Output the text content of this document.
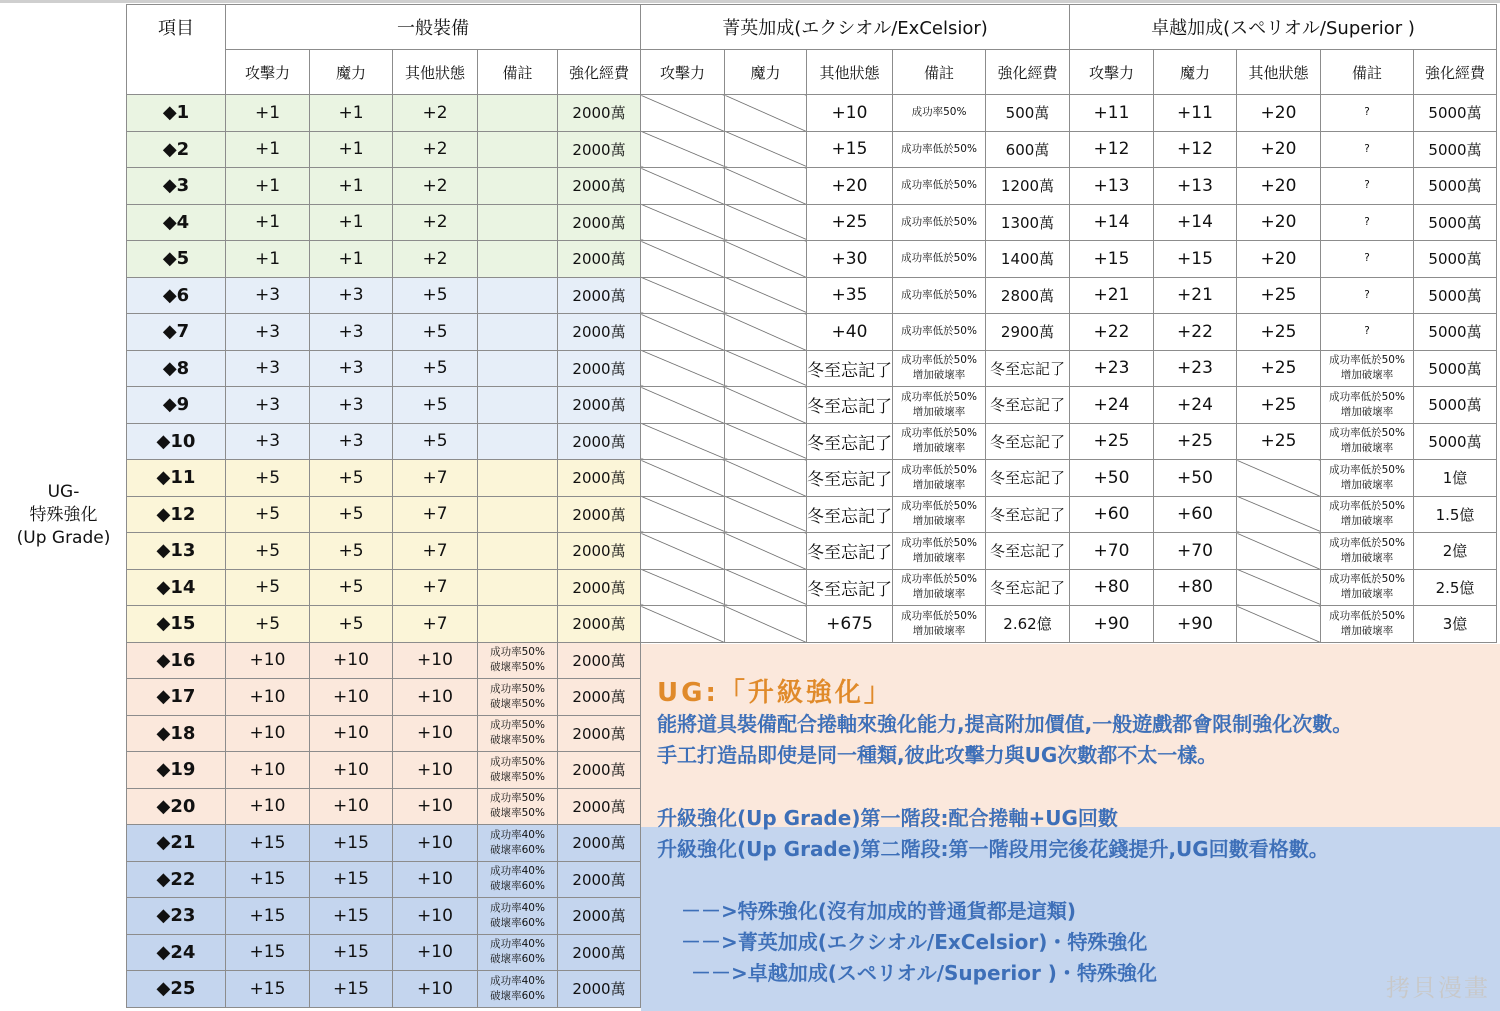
UG-
特殊強化
(Up Grade)
項目	一般裝備					菁英加成(エクシオル/ExCelsior)					卓越加成(スペリオル/Superior )				
	攻擊力	魔力	其他狀態	備註	強化經費	攻擊力	魔力	其他狀態	備註	強化經費	攻擊力	魔力	其他狀態	備註	強化經費
◆1	+1	+1	+2		2000萬			+10	成功率50%	500萬	+11	+11	+20	?	5000萬
◆2	+1	+1	+2		2000萬			+15	成功率低於50%	600萬	+12	+12	+20	?	5000萬
◆3	+1	+1	+2		2000萬			+20	成功率低於50%	1200萬	+13	+13	+20	?	5000萬
◆4	+1	+1	+2		2000萬			+25	成功率低於50%	1300萬	+14	+14	+20	?	5000萬
◆5	+1	+1	+2		2000萬			+30	成功率低於50%	1400萬	+15	+15	+20	?	5000萬
◆6	+3	+3	+5		2000萬			+35	成功率低於50%	2800萬	+21	+21	+25	?	5000萬
◆7	+3	+3	+5		2000萬			+40	成功率低於50%	2900萬	+22	+22	+25	?	5000萬
◆8	+3	+3	+5		2000萬			冬至忘記了	成功率低於50%
增加破壞率	冬至忘記了	+23	+23	+25	成功率低於50%
增加破壞率	5000萬
◆9	+3	+3	+5		2000萬			冬至忘記了	成功率低於50%
增加破壞率	冬至忘記了	+24	+24	+25	成功率低於50%
增加破壞率	5000萬
◆10	+3	+3	+5		2000萬			冬至忘記了	成功率低於50%
增加破壞率	冬至忘記了	+25	+25	+25	成功率低於50%
增加破壞率	5000萬
◆11	+5	+5	+7		2000萬			冬至忘記了	成功率低於50%
增加破壞率	冬至忘記了	+50	+50		成功率低於50%
增加破壞率	1億
◆12	+5	+5	+7		2000萬			冬至忘記了	成功率低於50%
增加破壞率	冬至忘記了	+60	+60		成功率低於50%
增加破壞率	1.5億
◆13	+5	+5	+7		2000萬			冬至忘記了	成功率低於50%
增加破壞率	冬至忘記了	+70	+70		成功率低於50%
增加破壞率	2億
◆14	+5	+5	+7		2000萬			冬至忘記了	成功率低於50%
增加破壞率	冬至忘記了	+80	+80		成功率低於50%
增加破壞率	2.5億
◆15	+5	+5	+7		2000萬			+675	成功率低於50%
增加破壞率	2.62億	+90	+90		成功率低於50%
增加破壞率	3億
◆16	+10	+10	+10	成功率50%
破壞率50%	2000萬										
◆17	+10	+10	+10	成功率50%
破壞率50%	2000萬										
◆18	+10	+10	+10	成功率50%
破壞率50%	2000萬										
◆19	+10	+10	+10	成功率50%
破壞率50%	2000萬										
◆20	+10	+10	+10	成功率50%
破壞率50%	2000萬										
◆21	+15	+15	+10	成功率40%
破壞率60%	2000萬										
◆22	+15	+15	+10	成功率40%
破壞率60%	2000萬										
◆23	+15	+15	+10	成功率40%
破壞率60%	2000萬										
◆24	+15	+15	+10	成功率40%
破壞率60%	2000萬										
◆25	+15	+15	+10	成功率40%
破壞率60%	2000萬										
UG:「升級強化」
能將道具裝備配合捲軸來強化能力,提高附加價值,一般遊戲都會限制強化次數。
手工打造品即使是同一種類,彼此攻擊力與UG次數都不太一樣。
升級強化(Up Grade)第一階段:配合捲軸+UG回數
升級強化(Up Grade)第二階段:第一階段用完後花錢提升,UG回數看格數。
－－>特殊強化(沒有加成的普通貨都是這類)
－－>菁英加成(エクシオル/ExCelsior)・特殊強化
－－>卓越加成(スペリオル/Superior )・特殊強化
拷貝漫畫
